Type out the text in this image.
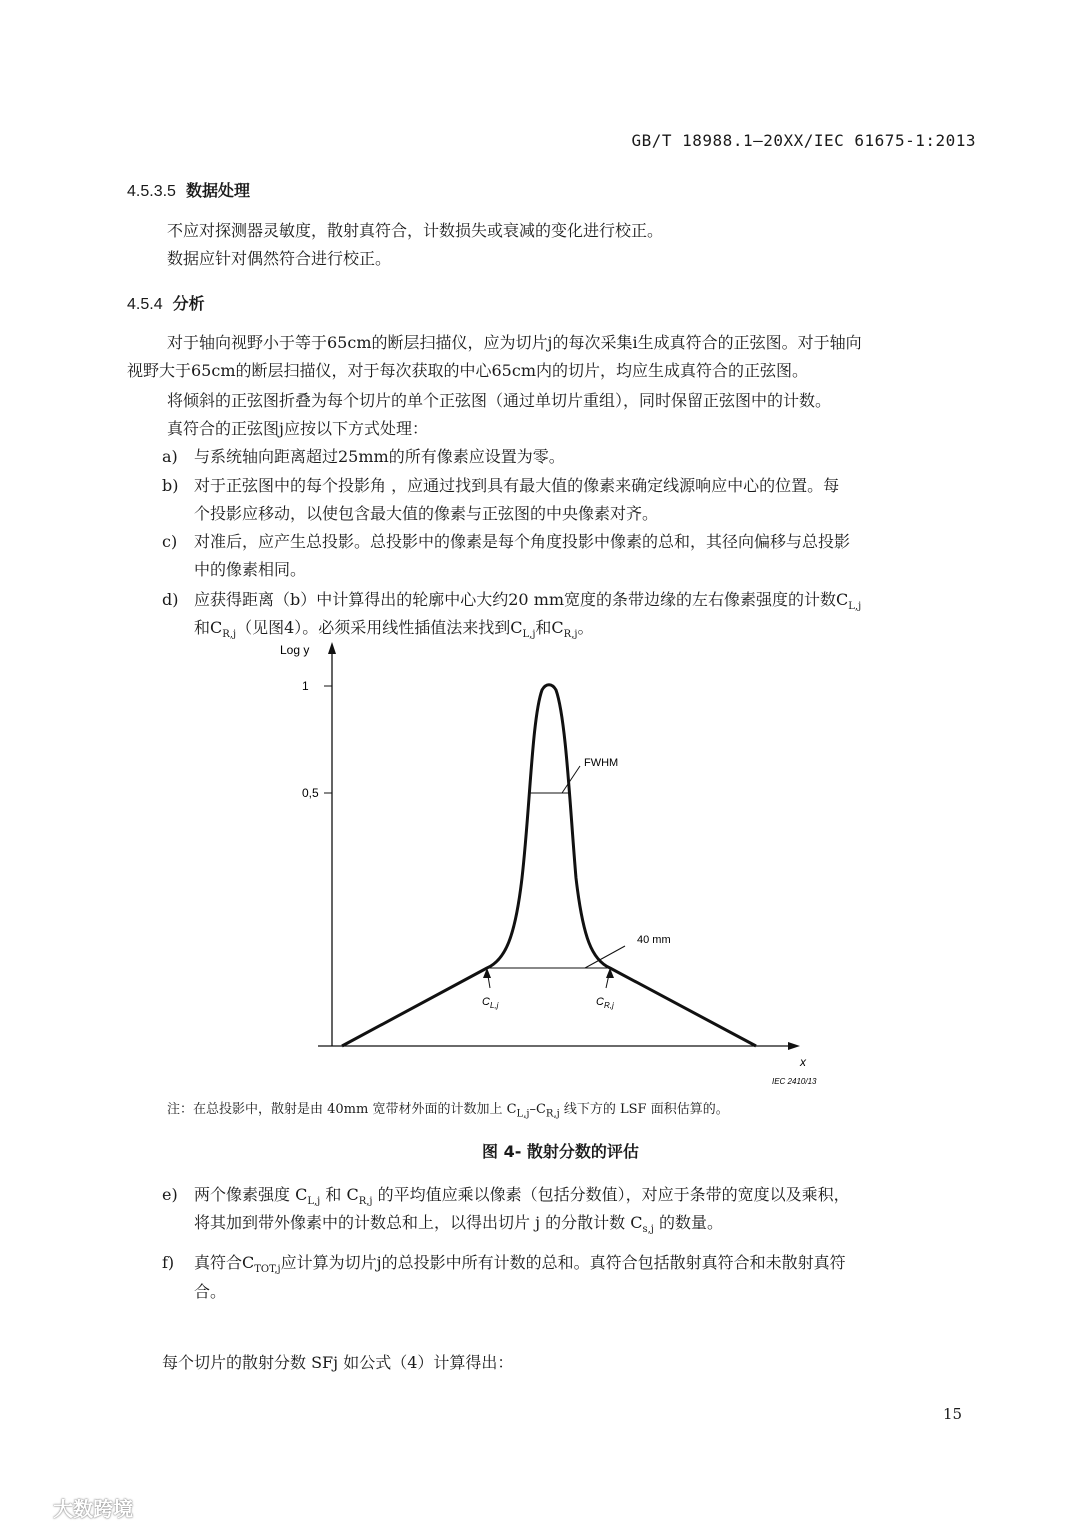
GB/T 18988.1—20XX/IEC 61675-1:2013
4.5.3.5 数据处理
不应对探测器灵敏度，散射真符合，计数损失或衰减的变化进行校正。
数据应针对偶然符合进行校正。
4.5.4 分析
对于轴向视野小于等于65cm的断层扫描仪，应为切片j的每次采集i生成真符合的正弦图。对于轴向
视野大于65cm的断层扫描仪，对于每次获取的中心65cm内的切片，均应生成真符合的正弦图。
将倾斜的正弦图折叠为每个切片的单个正弦图（通过单切片重组），同时保留正弦图中的计数。
真符合的正弦图j应按以下方式处理：
a) 与系统轴向距离超过25mm的所有像素应设置为零。
b) 对于正弦图中的每个投影角 ，应通过找到具有最大值的像素来确定线源响应中心的位置。每
个投影应移动，以使包含最大值的像素与正弦图的中央像素对齐。
c) 对准后，应产生总投影。总投影中的像素是每个角度投影中像素的总和，其径向偏移与总投影
中的像素相同。
d) 应获得距离（b）中计算得出的轮廓中心大约20 mm宽度的条带边缘的左右像素强度的计数$C_{L,j}$
和$C_{R,j}$（见图4）。必须采用线性插值法来找到$C_{L,j}$和$C_{R,j}$。
Log y
1
0,5
x
FWHM
40 mm
$C_{L,j}$	$C_{R,j}$
IEC 2410/13
注：在总投影中，散射是由 40mm 宽带材外面的计数加上 $C_{L,j}-C_{R,j}$ 线下方的 LSF 面积估算的。
图 4- 散射分数的评估
e) 两个像素强度 $C_{L,j}$ 和 $C_{R,j}$ 的平均值应乘以像素（包括分数值），对应于条带的宽度以及乘积，
将其加到带外像素中的计数总和上，以得出切片 j 的分散计数 $C_{s,j}$ 的数量。
f) 真符合$C_{TOT,j}$应计算为切片j的总投影中所有计数的总和。真符合包括散射真符合和未散射真符
合。
每个切片的散射分数 SFj 如公式（4）计算得出：
15
大数跨境
